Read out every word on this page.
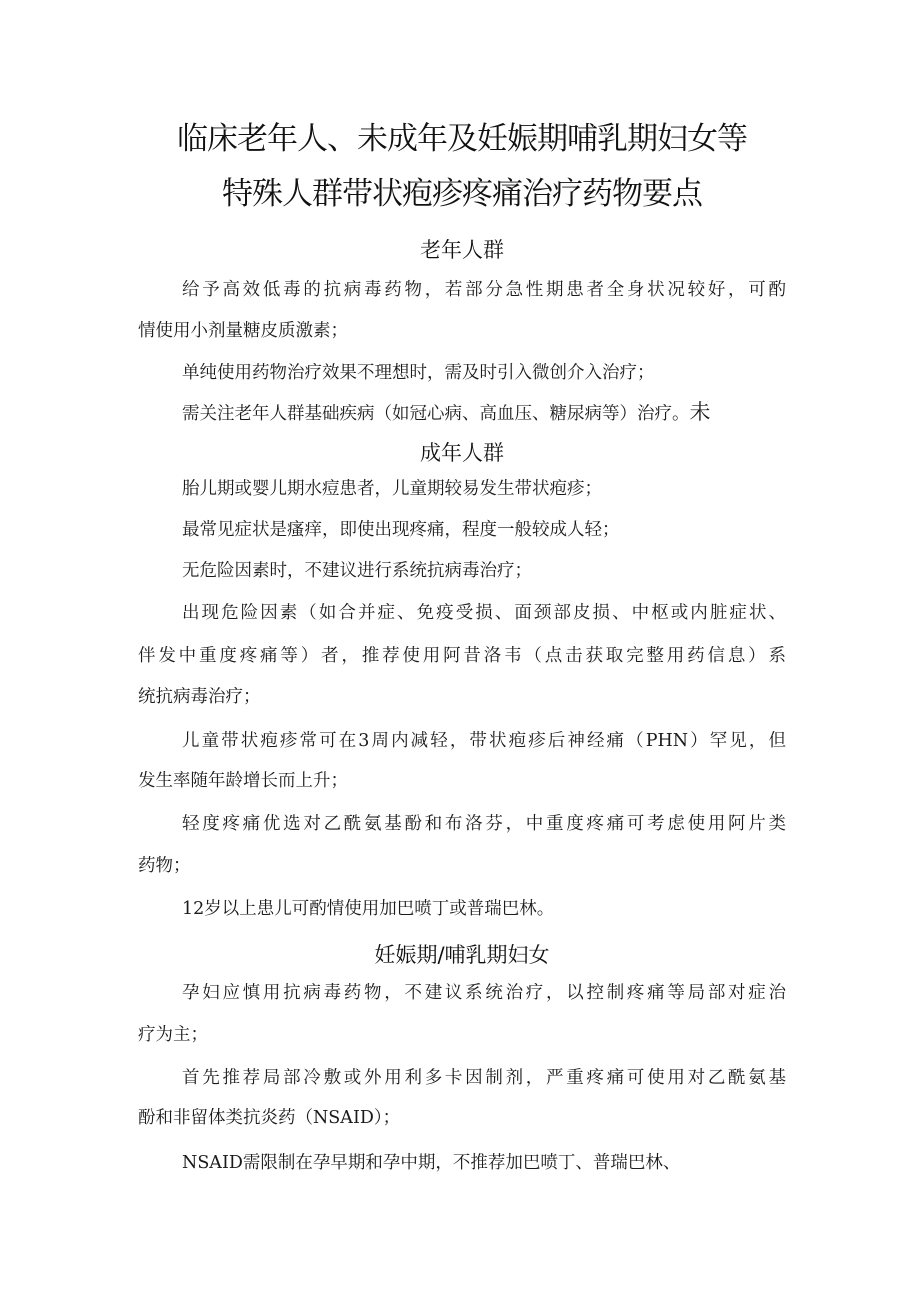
临床老年人、未成年及妊娠期哺乳期妇女等
特殊人群带状疱疹疼痛治疗药物要点
老年人群
给予高效低毒的抗病毒药物，若部分急性期患者全身状况较好，可酌
情使用小剂量糖皮质激素；
单纯使用药物治疗效果不理想时，需及时引入微创介入治疗；
需关注老年人群基础疾病（如冠心病、高血压、糖尿病等）治疗。未
成年人群
胎儿期或婴儿期水痘患者，儿童期较易发生带状疱疹；
最常见症状是瘙痒，即使出现疼痛，程度一般较成人轻；
无危险因素时，不建议进行系统抗病毒治疗；
出现危险因素（如合并症、免疫受损、面颈部皮损、中枢或内脏症状、
伴发中重度疼痛等）者，推荐使用阿昔洛韦（点击获取完整用药信息）系
统抗病毒治疗；
儿童带状疱疹常可在3周内减轻，带状疱疹后神经痛（PHN）罕见，但
发生率随年龄增长而上升；
轻度疼痛优选对乙酰氨基酚和布洛芬，中重度疼痛可考虑使用阿片类
药物；
12岁以上患儿可酌情使用加巴喷丁或普瑞巴林。
妊娠期/哺乳期妇女
孕妇应慎用抗病毒药物，不建议系统治疗，以控制疼痛等局部对症治
疗为主；
首先推荐局部冷敷或外用利多卡因制剂，严重疼痛可使用对乙酰氨基
酚和非留体类抗炎药（NSAID）；
NSAID需限制在孕早期和孕中期，不推荐加巴喷丁、普瑞巴林、
